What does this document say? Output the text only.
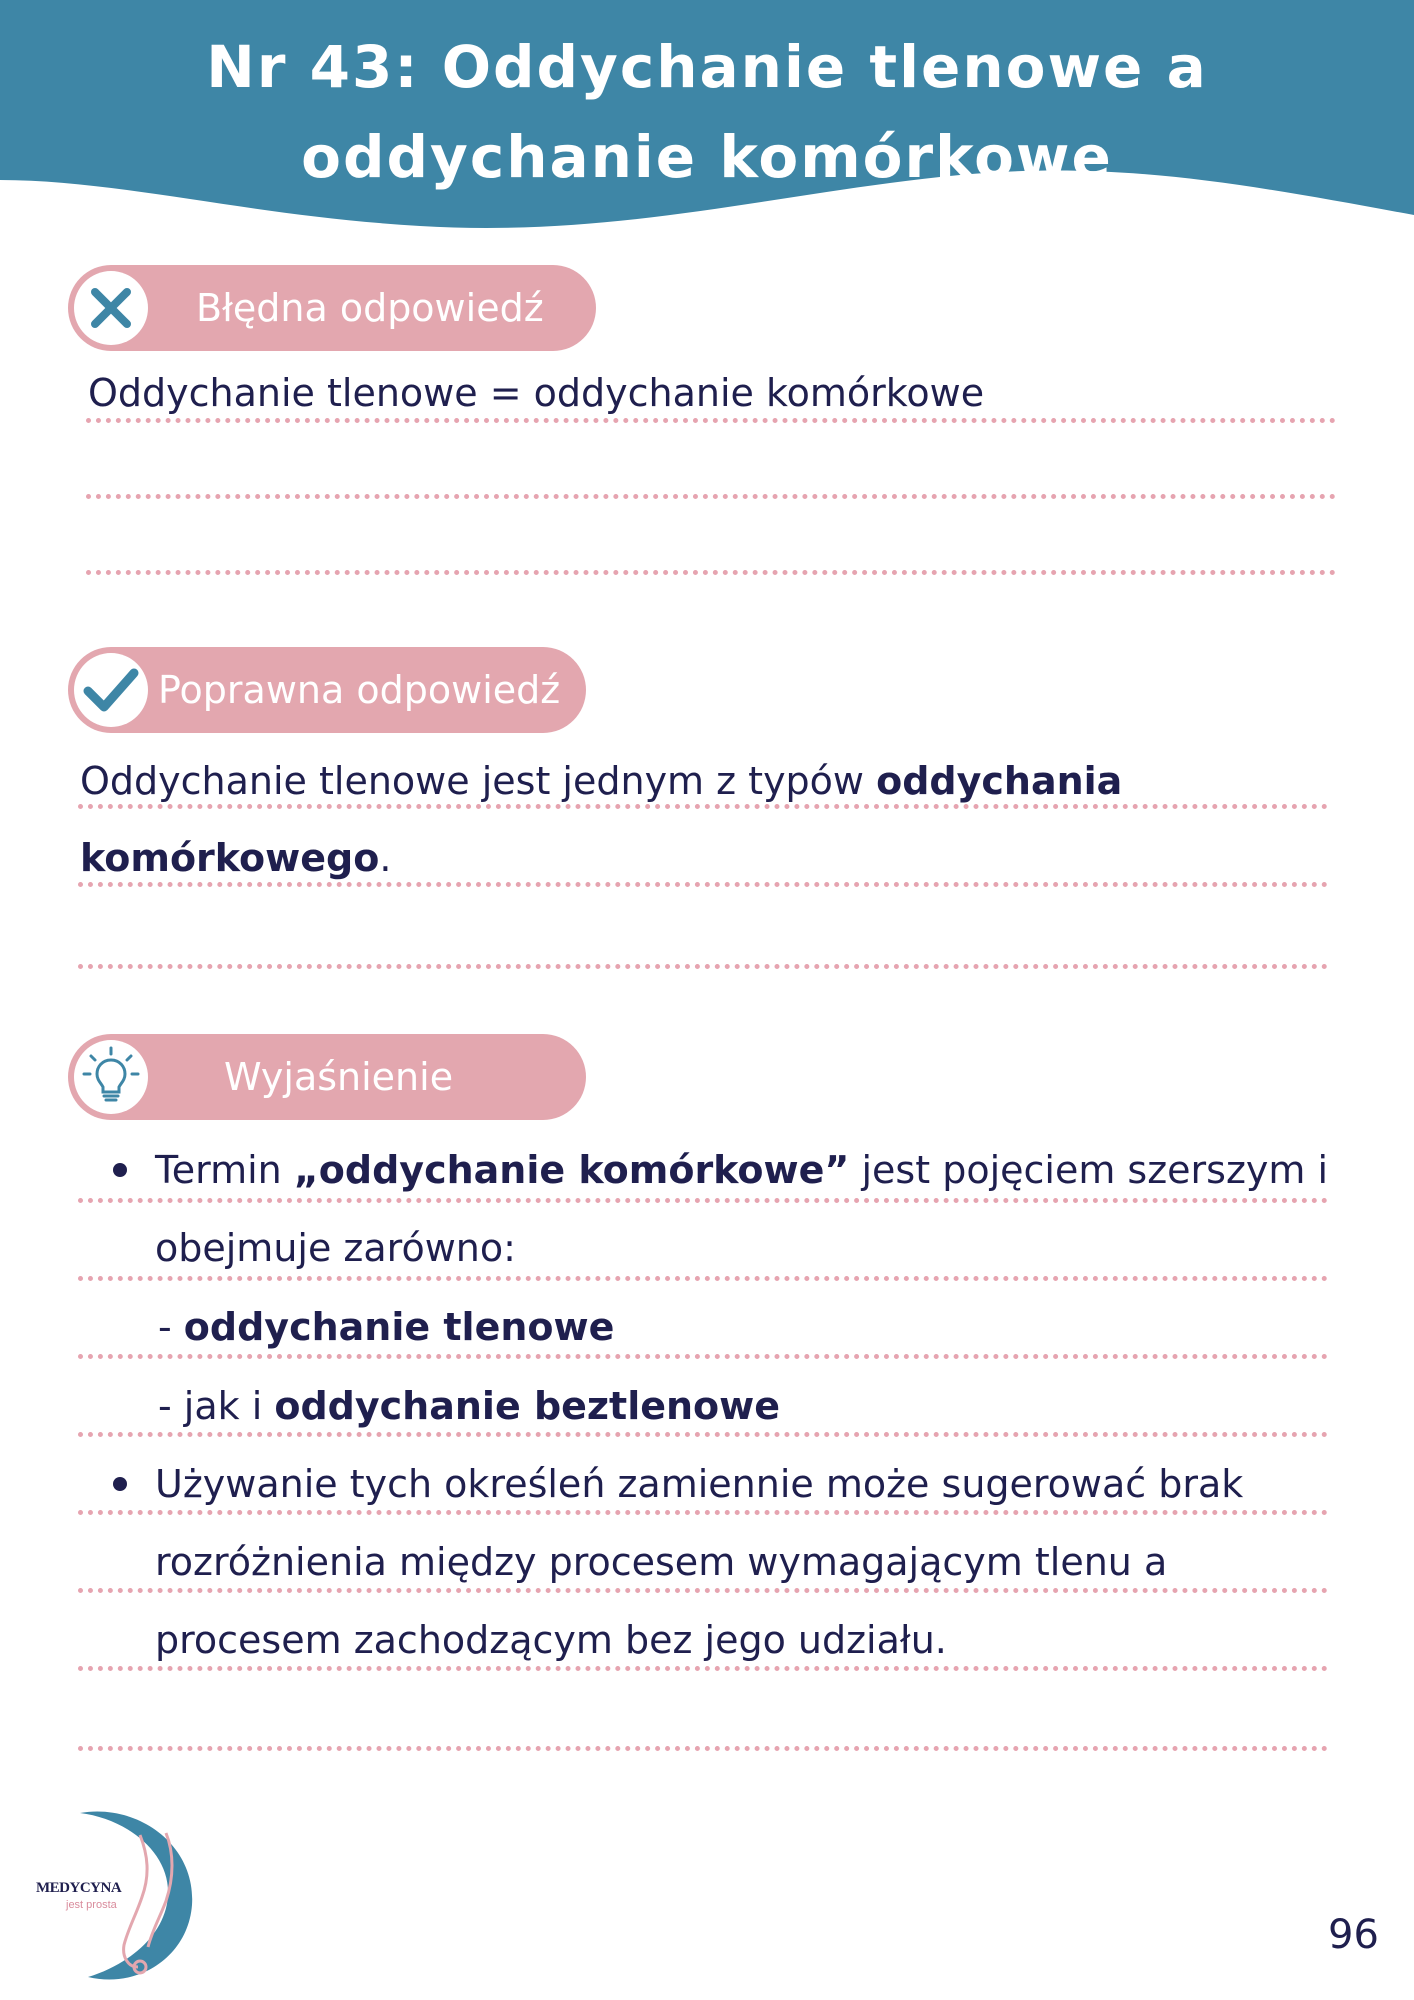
Nr 43: Oddychanie tlenowe a
oddychanie komórkowe
Błędna odpowiedź
Oddychanie tlenowe = oddychanie komórkowe
Poprawna odpowiedź
Oddychanie tlenowe jest jednym z typów oddychania
komórkowego.
Wyjaśnienie
Termin „oddychanie komórkowe” jest pojęciem szerszym i
obejmuje zarówno:
- oddychanie tlenowe
- jak i oddychanie beztlenowe
Używanie tych określeń zamiennie może sugerować brak
rozróżnienia między procesem wymagającym tlenu a
procesem zachodzącym bez jego udziału.
MEDYCYNA
jest prosta
96
